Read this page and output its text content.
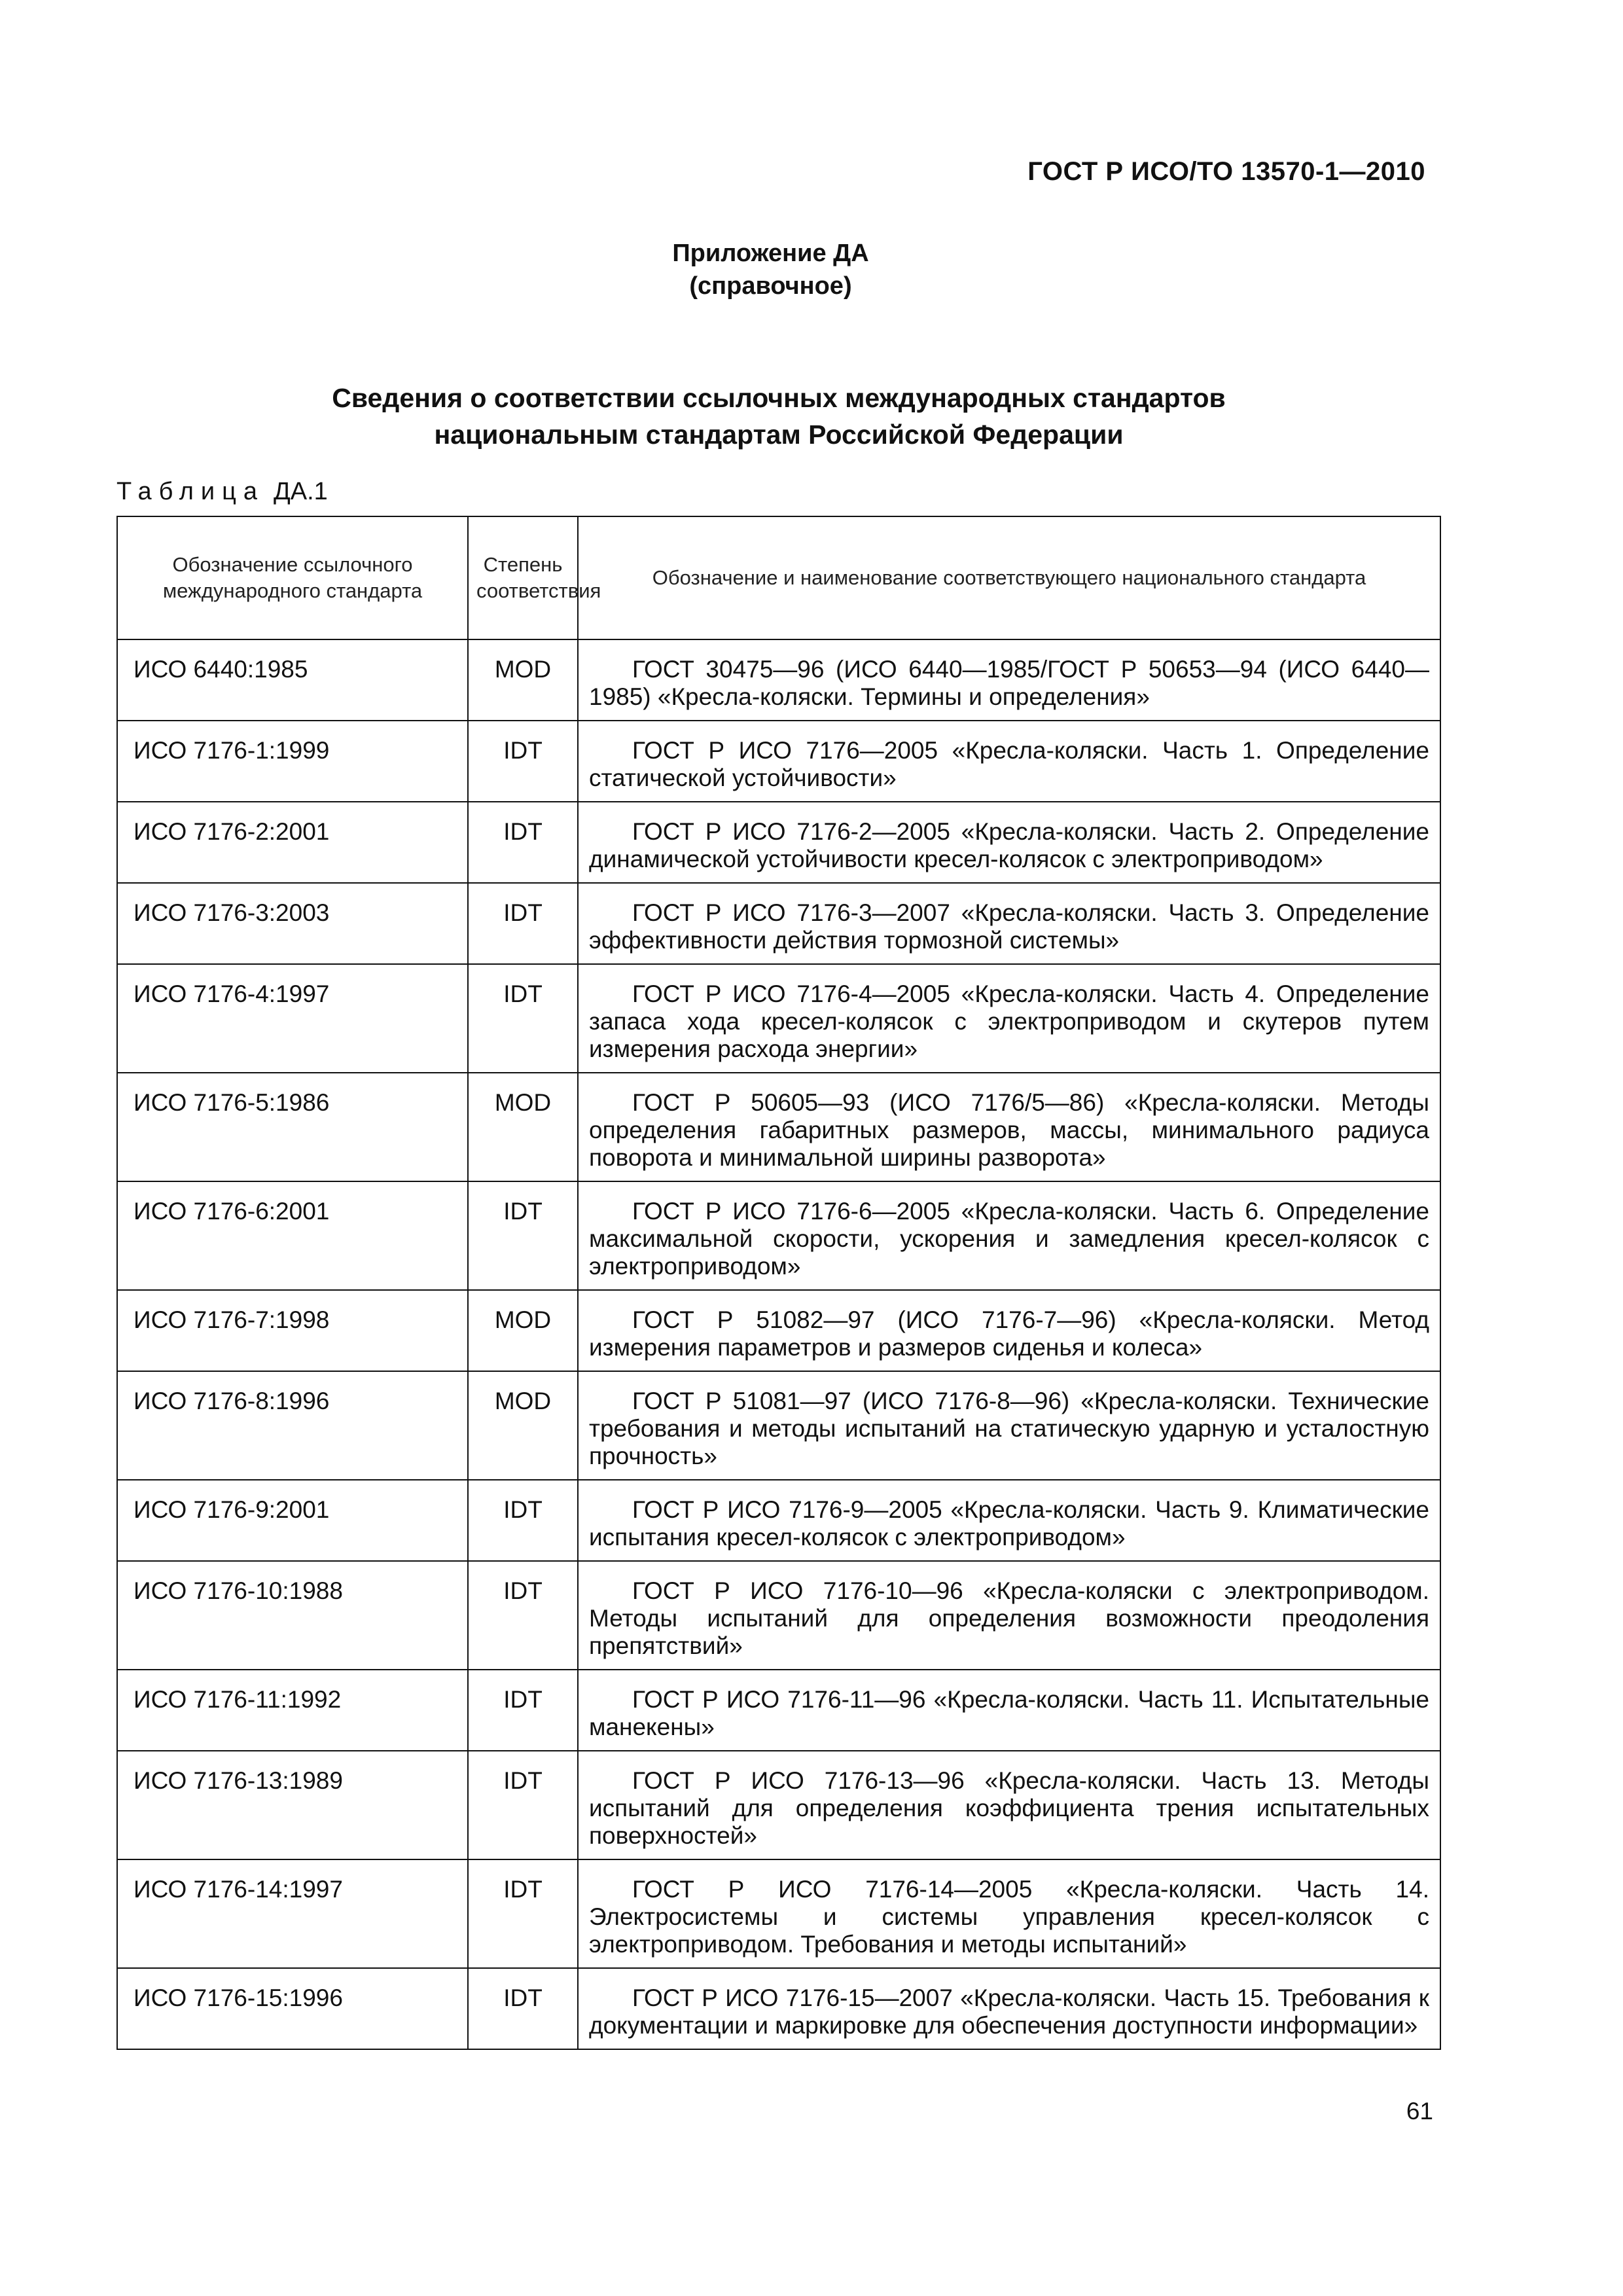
ГОСТ Р ИСО/ТО 13570-1—2010
Приложение ДА
(справочное)
Сведения о соответствии ссылочных международных стандартов
национальным стандартам Российской Федерации
Таблица ДА.1
Обозначение ссылочного международного стандарта	Степень соответствия	Обозначение и наименование соответствующего национального стандарта
ИСО 6440:1985	MOD	ГОСТ 30475—96 (ИСО 6440—1985/ГОСТ Р 50653—94 (ИСО 6440—1985) «Кресла-коляски. Термины и определения»
ИСО 7176-1:1999	IDT	ГОСТ Р ИСО 7176—2005 «Кресла-коляски. Часть 1. Определение статической устойчивости»
ИСО 7176-2:2001	IDT	ГОСТ Р ИСО 7176-2—2005 «Кресла-коляски. Часть 2. Определение динамической устойчивости кресел-колясок с электроприводом»
ИСО 7176-3:2003	IDT	ГОСТ Р ИСО 7176-3—2007 «Кресла-коляски. Часть 3. Определение эффективности действия тормозной системы»
ИСО 7176-4:1997	IDT	ГОСТ Р ИСО 7176-4—2005 «Кресла-коляски. Часть 4. Определение запаса хода кресел-колясок с электроприводом и скутеров путем измерения расхода энергии»
ИСО 7176-5:1986	MOD	ГОСТ Р 50605—93 (ИСО 7176/5—86) «Кресла-коляски. Методы определения габаритных размеров, массы, минимального радиуса поворота и минимальной ширины разворота»
ИСО 7176-6:2001	IDT	ГОСТ Р ИСО 7176-6—2005 «Кресла-коляски. Часть 6. Определение максимальной скорости, ускорения и замедления кресел-колясок с электроприводом»
ИСО 7176-7:1998	MOD	ГОСТ Р 51082—97 (ИСО 7176-7—96) «Кресла-коляски. Метод измерения параметров и размеров сиденья и колеса»
ИСО 7176-8:1996	MOD	ГОСТ Р 51081—97 (ИСО 7176-8—96) «Кресла-коляски. Технические требования и методы испытаний на статическую ударную и усталостную прочность»
ИСО 7176-9:2001	IDT	ГОСТ Р ИСО 7176-9—2005 «Кресла-коляски. Часть 9. Климатические испытания кресел-колясок с электроприводом»
ИСО 7176-10:1988	IDT	ГОСТ Р ИСО 7176-10—96 «Кресла-коляски с электроприводом. Методы испытаний для определения возможности преодоления препятствий»
ИСО 7176-11:1992	IDT	ГОСТ Р ИСО 7176-11—96 «Кресла-коляски. Часть 11. Испытательные манекены»
ИСО 7176-13:1989	IDT	ГОСТ Р ИСО 7176-13—96 «Кресла-коляски. Часть 13. Методы испытаний для определения коэффициента трения испытательных поверхностей»
ИСО 7176-14:1997	IDT	ГОСТ Р ИСО 7176-14—2005 «Кресла-коляски. Часть 14. Электросистемы и системы управления кресел-колясок с электроприводом. Требования и методы испытаний»
ИСО 7176-15:1996	IDT	ГОСТ Р ИСО 7176-15—2007 «Кресла-коляски. Часть 15. Требования к документации и маркировке для обеспечения доступности информации»
61
